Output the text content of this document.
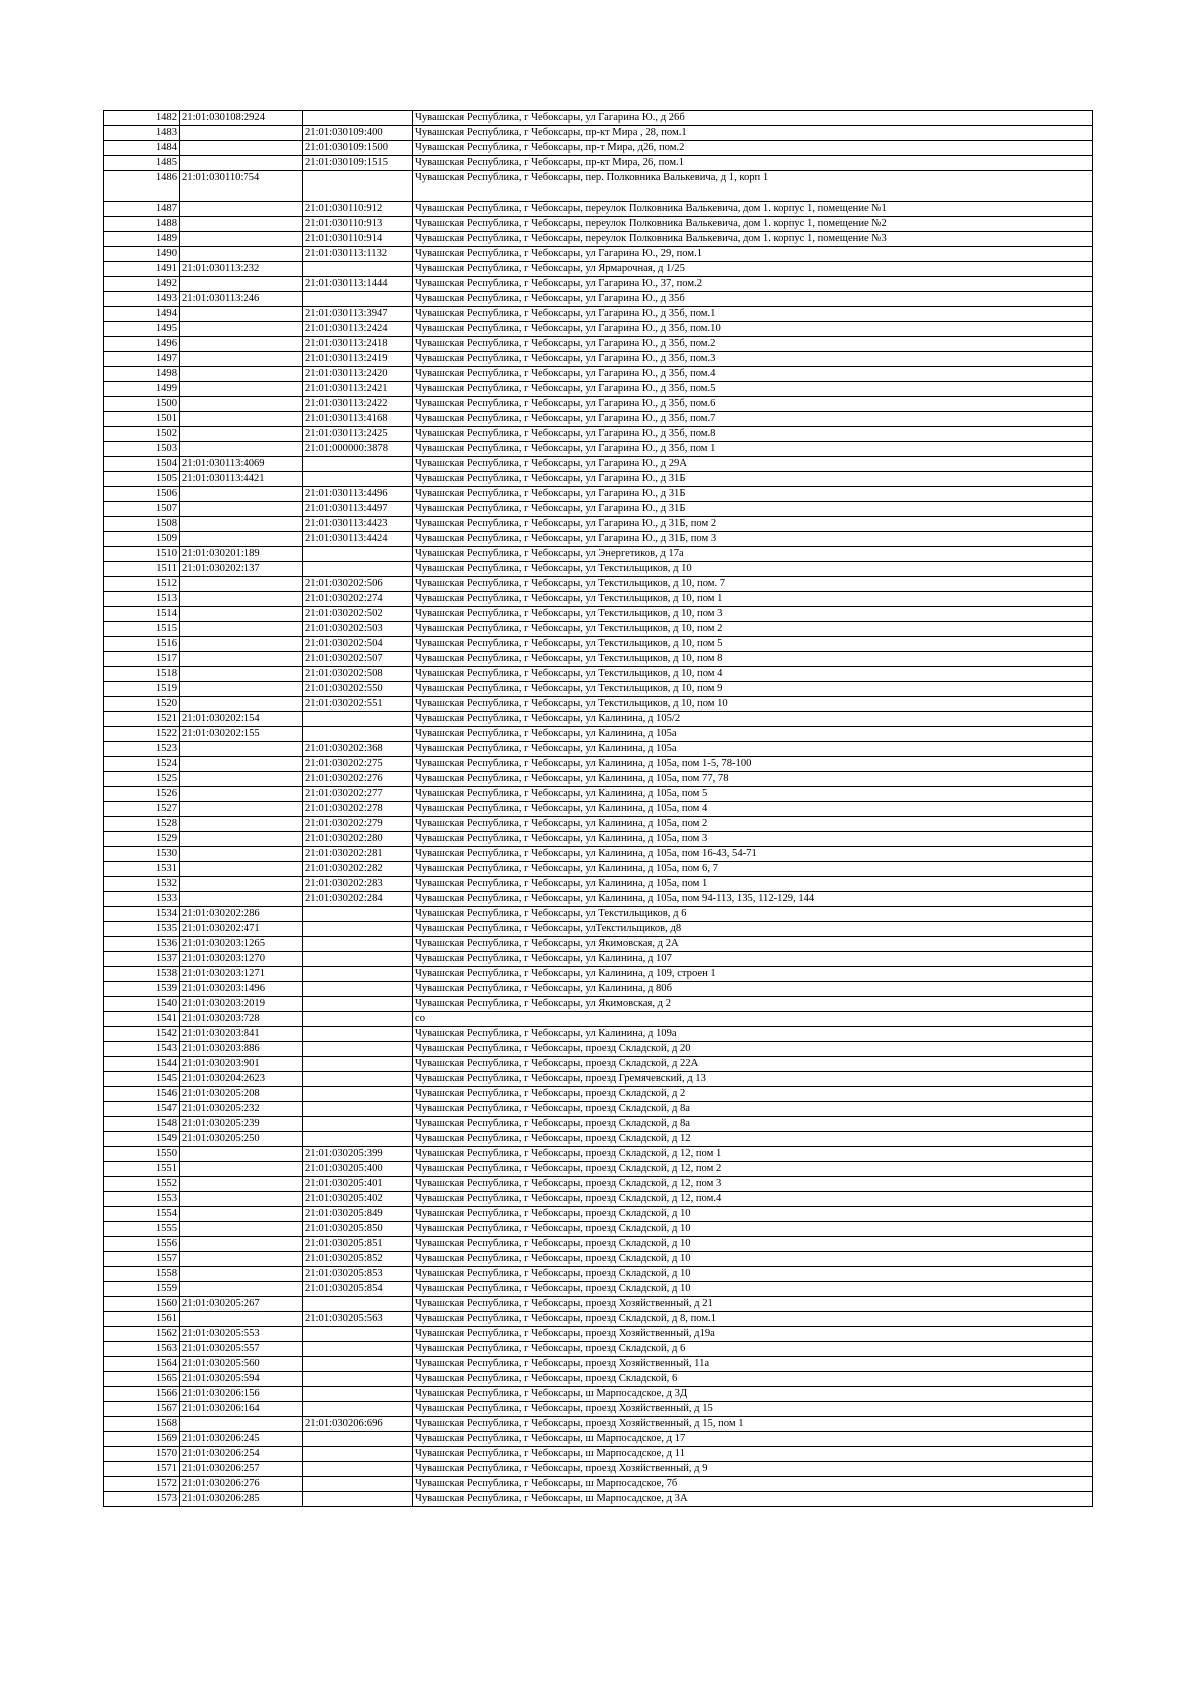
1482	21:01:030108:2924		Чувашская Республика, г Чебоксары, ул Гагарина Ю., д 26б
1483		21:01:030109:400	Чувашская Республика, г Чебоксары, пр-кт Мира , 28, пом.1
1484		21:01:030109:1500	Чувашская Республика, г Чебоксары, пр-т Мира, д26, пом.2
1485		21:01:030109:1515	Чувашская Республика, г Чебоксары, пр-кт Мира, 26, пом.1
1486	21:01:030110:754		Чувашская Республика, г Чебоксары, пер. Полковника Валькевича, д 1, корп 1
1487		21:01:030110:912	Чувашская Республика, г Чебоксары, переулок Полковника Валькевича, дом 1. корпус 1, помещение №1
1488		21:01:030110:913	Чувашская Республика, г Чебоксары, переулок Полковника Валькевича, дом 1. корпус 1, помещение №2
1489		21:01:030110:914	Чувашская Республика, г Чебоксары, переулок Полковника Валькевича, дом 1. корпус 1, помещение №3
1490		21:01:030113:1132	Чувашская Республика, г Чебоксары, ул Гагарина Ю., 29, пом.1
1491	21:01:030113:232		Чувашская Республика, г Чебоксары, ул Ярмарочная, д 1/25
1492		21:01:030113:1444	Чувашская Республика, г Чебоксары, ул Гагарина Ю., 37, пом.2
1493	21:01:030113:246		Чувашская Республика, г Чебоксары, ул Гагарина Ю., д 35б
1494		21:01:030113:3947	Чувашская Республика, г Чебоксары, ул Гагарина Ю., д 35б, пом.1
1495		21:01:030113:2424	Чувашская Республика, г Чебоксары, ул Гагарина Ю., д 35б, пом.10
1496		21:01:030113:2418	Чувашская Республика, г Чебоксары, ул Гагарина Ю., д 35б, пом.2
1497		21:01:030113:2419	Чувашская Республика, г Чебоксары, ул Гагарина Ю., д 35б, пом.3
1498		21:01:030113:2420	Чувашская Республика, г Чебоксары, ул Гагарина Ю., д 35б, пом.4
1499		21:01:030113:2421	Чувашская Республика, г Чебоксары, ул Гагарина Ю., д 35б, пом.5
1500		21:01:030113:2422	Чувашская Республика, г Чебоксары, ул Гагарина Ю., д 35б, пом.6
1501		21:01:030113:4168	Чувашская Республика, г Чебоксары, ул Гагарина Ю., д 35б, пом.7
1502		21:01:030113:2425	Чувашская Республика, г Чебоксары, ул Гагарина Ю., д 35б, пом.8
1503		21:01:000000:3878	Чувашская Республика, г Чебоксары, ул Гагарина Ю., д 35б, пом 1
1504	21:01:030113:4069		Чувашская Республика, г Чебоксары, ул Гагарина Ю., д 29А
1505	21:01:030113:4421		Чувашская Республика, г Чебоксары, ул Гагарина Ю., д 31Б
1506		21:01:030113:4496	Чувашская Республика, г Чебоксары, ул Гагарина Ю., д 31Б
1507		21:01:030113:4497	Чувашская Республика, г Чебоксары, ул Гагарина Ю., д 31Б
1508		21:01:030113:4423	Чувашская Республика, г Чебоксары, ул Гагарина Ю., д 31Б, пом 2
1509		21:01:030113:4424	Чувашская Республика, г Чебоксары, ул Гагарина Ю., д 31Б, пом 3
1510	21:01:030201:189		Чувашская Республика, г Чебоксары, ул Энергетиков, д 17а
1511	21:01:030202:137		Чувашская Республика, г Чебоксары, ул Текстильщиков, д 10
1512		21:01:030202:506	Чувашская Республика, г Чебоксары, ул Текстильщиков, д 10, пом. 7
1513		21:01:030202:274	Чувашская Республика, г Чебоксары, ул Текстильщиков, д 10, пом 1
1514		21:01:030202:502	Чувашская Республика, г Чебоксары, ул Текстильщиков, д 10, пом 3
1515		21:01:030202:503	Чувашская Республика, г Чебоксары, ул Текстильщиков, д 10, пом 2
1516		21:01:030202:504	Чувашская Республика, г Чебоксары, ул Текстильщиков, д 10, пом 5
1517		21:01:030202:507	Чувашская Республика, г Чебоксары, ул Текстильщиков, д 10, пом 8
1518		21:01:030202:508	Чувашская Республика, г Чебоксары, ул Текстильщиков, д 10, пом 4
1519		21:01:030202:550	Чувашская Республика, г Чебоксары, ул Текстильщиков, д 10, пом 9
1520		21:01:030202:551	Чувашская Республика, г Чебоксары, ул Текстильщиков, д 10, пом 10
1521	21:01:030202:154		Чувашская Республика, г Чебоксары, ул Калинина, д 105/2
1522	21:01:030202:155		Чувашская Республика, г Чебоксары, ул Калинина, д 105а
1523		21:01:030202:368	Чувашская Республика, г Чебоксары, ул Калинина, д 105а
1524		21:01:030202:275	Чувашская Республика, г Чебоксары, ул Калинина, д 105а, пом 1-5, 78-100
1525		21:01:030202:276	Чувашская Республика, г Чебоксары, ул Калинина, д 105а, пом 77, 78
1526		21:01:030202:277	Чувашская Республика, г Чебоксары, ул Калинина, д 105а, пом 5
1527		21:01:030202:278	Чувашская Республика, г Чебоксары, ул Калинина, д 105а, пом 4
1528		21:01:030202:279	Чувашская Республика, г Чебоксары, ул Калинина, д 105а, пом 2
1529		21:01:030202:280	Чувашская Республика, г Чебоксары, ул Калинина, д 105а, пом 3
1530		21:01:030202:281	Чувашская Республика, г Чебоксары, ул Калинина, д 105а, пом 16-43, 54-71
1531		21:01:030202:282	Чувашская Республика, г Чебоксары, ул Калинина, д 105а, пом 6, 7
1532		21:01:030202:283	Чувашская Республика, г Чебоксары, ул Калинина, д 105а, пом 1
1533		21:01:030202:284	Чувашская Республика, г Чебоксары, ул Калинина, д 105а, пом 94-113, 135, 112-129, 144
1534	21:01:030202:286		Чувашская Республика, г Чебоксары, ул Текстильщиков, д 6
1535	21:01:030202:471		Чувашская Республика, г Чебоксары, улТекстильщиков, д8
1536	21:01:030203:1265		Чувашская Республика, г Чебоксары, ул Якимовская, д 2А
1537	21:01:030203:1270		Чувашская Республика, г Чебоксары, ул Калинина, д 107
1538	21:01:030203:1271		Чувашская Республика, г Чебоксары, ул Калинина, д 109, строен 1
1539	21:01:030203:1496		Чувашская Республика, г Чебоксары, ул Калинина, д 80б
1540	21:01:030203:2019		Чувашская Республика, г Чебоксары, ул Якимовская, д 2
1541	21:01:030203:728		со
1542	21:01:030203:841		Чувашская Республика, г Чебоксары, ул Калинина, д 109а
1543	21:01:030203:886		Чувашская Республика, г Чебоксары, проезд Складской, д 20
1544	21:01:030203:901		Чувашская Республика, г Чебоксары, проезд Складской, д 22А
1545	21:01:030204:2623		Чувашская Республика, г Чебоксары, проезд Гремячевский, д 13
1546	21:01:030205:208		Чувашская Республика, г Чебоксары, проезд Складской, д 2
1547	21:01:030205:232		Чувашская Республика, г Чебоксары, проезд Складской, д 8а
1548	21:01:030205:239		Чувашская Республика, г Чебоксары, проезд Складской, д 8а
1549	21:01:030205:250		Чувашская Республика, г Чебоксары, проезд Складской, д 12
1550		21:01:030205:399	Чувашская Республика, г Чебоксары, проезд Складской, д 12, пом 1
1551		21:01:030205:400	Чувашская Республика, г Чебоксары, проезд Складской, д 12, пом 2
1552		21:01:030205:401	Чувашская Республика, г Чебоксары, проезд Складской, д 12, пом 3
1553		21:01:030205:402	Чувашская Республика, г Чебоксары, проезд Складской, д 12, пом.4
1554		21:01:030205:849	Чувашская Республика, г Чебоксары, проезд Складской, д 10
1555		21:01:030205:850	Чувашская Республика, г Чебоксары, проезд Складской, д 10
1556		21:01:030205:851	Чувашская Республика, г Чебоксары, проезд Складской, д 10
1557		21:01:030205:852	Чувашская Республика, г Чебоксары, проезд Складской, д 10
1558		21:01:030205:853	Чувашская Республика, г Чебоксары, проезд Складской, д 10
1559		21:01:030205:854	Чувашская Республика, г Чебоксары, проезд Складской, д 10
1560	21:01:030205:267		Чувашская Республика, г Чебоксары, проезд Хозяйственный, д 21
1561		21:01:030205:563	Чувашская Республика, г Чебоксары, проезд Складской, д 8, пом.1
1562	21:01:030205:553		Чувашская Республика, г Чебоксары, проезд Хозяйственный, д19а
1563	21:01:030205:557		Чувашская Республика, г Чебоксары, проезд Складской, д 6
1564	21:01:030205:560		Чувашская Республика, г Чебоксары, проезд Хозяйственный, 11а
1565	21:01:030205:594		Чувашская Республика, г Чебоксары, проезд Складской, 6
1566	21:01:030206:156		Чувашская Республика, г Чебоксары, ш Марпосадское, д 3Д
1567	21:01:030206:164		Чувашская Республика, г Чебоксары, проезд Хозяйственный, д 15
1568		21:01:030206:696	Чувашская Республика, г Чебоксары, проезд Хозяйственный, д 15, пом 1
1569	21:01:030206:245		Чувашская Республика, г Чебоксары, ш Марпосадское, д 17
1570	21:01:030206:254		Чувашская Республика, г Чебоксары, ш Марпосадское, д 11
1571	21:01:030206:257		Чувашская Республика, г Чебоксары, проезд Хозяйственный, д 9
1572	21:01:030206:276		Чувашская Республика, г Чебоксары, ш Марпосадское, 7б
1573	21:01:030206:285		Чувашская Республика, г Чебоксары, ш Марпосадское, д 3А
